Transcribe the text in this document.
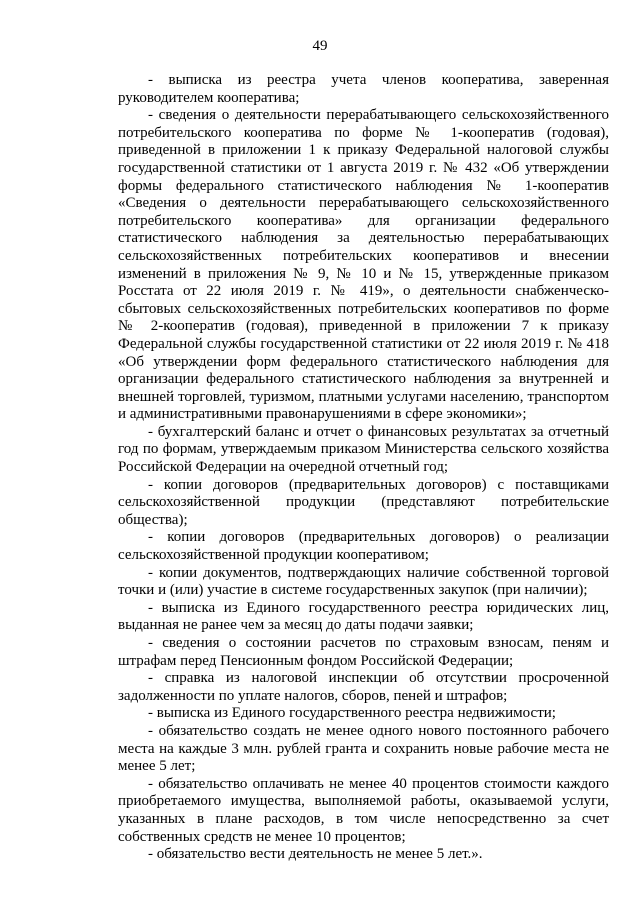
49

- выписка из реестра учета членов кооператива, заверенная руководителем кооператива;

- сведения о деятельности перерабатывающего сельскохозяйственного потребительского кооператива по форме № 1-кооператив (годовая), приведенной в приложении 1 к приказу Федеральной налоговой службы государственной статистики от 1 августа 2019 г. № 432 «Об утверждении формы федерального статистического наблюдения № 1-кооператив «Сведения о деятельности перерабатывающего сельскохозяйственного потребительского кооператива» для организации федерального статистического наблюдения за деятельностью перерабатывающих сельскохозяйственных потребительских кооперативов и внесении изменений в приложения № 9, № 10 и № 15, утвержденные приказом Росстата от 22 июля 2019 г. № 419», о деятельности снабженческо-сбытовых сельскохозяйственных потребительских кооперативов по форме № 2-кооператив (годовая), приведенной в приложении 7 к приказу Федеральной службы государственной статистики от 22 июля 2019 г. № 418 «Об утверждении форм федерального статистического наблюдения для организации федерального статистического наблюдения за внутренней и внешней торговлей, туризмом, платными услугами населению, транспортом и административными правонарушениями в сфере экономики»;

- бухгалтерский баланс и отчет о финансовых результатах за отчетный год по формам, утверждаемым приказом Министерства сельского хозяйства Российской Федерации на очередной отчетный год;

- копии договоров (предварительных договоров) с поставщиками сельскохозяйственной продукции (представляют потребительские общества);

- копии договоров (предварительных договоров) о реализации сельскохозяйственной продукции кооперативом;

- копии документов, подтверждающих наличие собственной торговой точки и (или) участие в системе государственных закупок (при наличии);

- выписка из Единого государственного реестра юридических лиц, выданная не ранее чем за месяц до даты подачи заявки;

- сведения о состоянии расчетов по страховым взносам, пеням и штрафам перед Пенсионным фондом Российской Федерации;

- справка из налоговой инспекции об отсутствии просроченной задолженности по уплате налогов, сборов, пеней и штрафов;

- выписка из Единого государственного реестра недвижимости;

- обязательство создать не менее одного нового постоянного рабочего места на каждые 3 млн. рублей гранта и сохранить новые рабочие места не менее 5 лет;

- обязательство оплачивать не менее 40 процентов стоимости каждого приобретаемого имущества, выполняемой работы, оказываемой услуги, указанных в плане расходов, в том числе непосредственно за счет собственных средств не менее 10 процентов;

- обязательство вести деятельность не менее 5 лет.».
